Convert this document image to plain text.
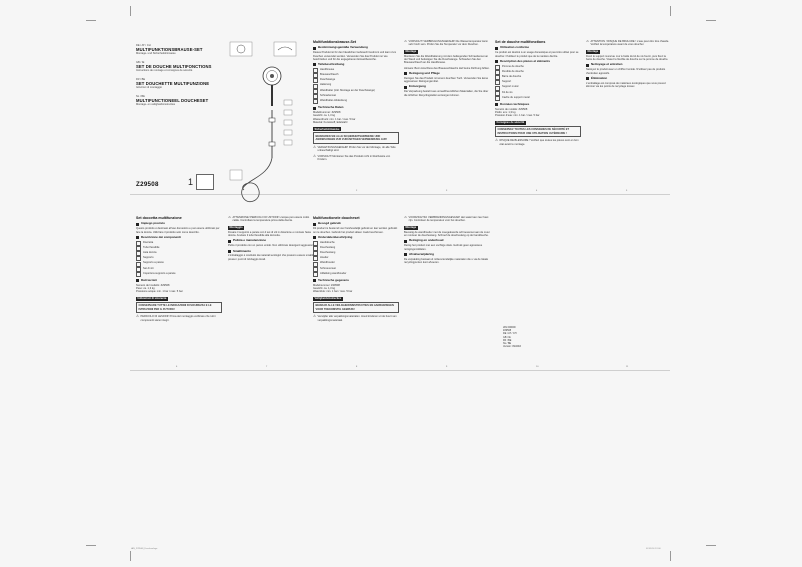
DE / AT / CH
MULTIFUNKTIONSBRAUSE-SET
Montage- und Sicherheitshinweise
GB / IE
SET DE DOUCHE MULTIFONCTIONS
Instructions de montage et consignes de sécurité
FR / BE
SET DOUCHETTE MULTIFUNZIONE
Istruzioni di montaggio
NL / BE
MULTIFUNCTIONEEL DOUCHESET
Montage- en veiligheidsinstructies
Z29508	1
Multifunktionsbrause-Set
Bestimmungsgemäße Verwendung
Dieses Produkt ist für den häuslichen Gebrauch bestimmt und kann zum Duschen verwendet werden. Verwenden Sie das Produkt nur wie beschrieben und für die angegebenen Einsatzbereiche.
Teilebeschreibung
Handbrause
Brauseschlauch
Duschstange
Halterung
Wandhalter (inkl. Montage an der Duschstange)
Schraubenset
Wandhalter-Abdeckung
Technische Daten
Modellnummer: Z29508
Gewicht: ca. 1,3 kg
Wasserdruck: min. 1 bar / max. 5 bar
Material: Kunststoff, Edelstahl
Sicherheitshinweise
BEWAHREN SIE ALLE SICHERHEITSHINWEISE UND ANWEISUNGEN ZUR ZUKÜNFTIGEN VERWENDUNG AUF!
⚠ VERLETZUNGSGEFAHR! Prüfen Sie vor der Montage, ob alle Teile unbeschädigt sind.
⚠ VORSICHT! Montieren Sie das Produkt nicht in Reichweite von Kindern.
⚠ VORSICHT! VERBRÜHUNGSGEFAHR! Die Wassertemperatur kann sehr hoch sein. Prüfen Sie die Temperatur vor dem Duschen.
Montage
Montieren Sie die Wandhalterung mit dem beiliegenden Schraubenset an der Wand und befestigen Sie die Duschstange. Schrauben Sie den Brauseschlauch an die Handbrause.
Hinweis: Beim Anschluss des Brauseschlauchs darf keine Dichtung fehlen.
Reinigung und Pflege
Reinigen Sie das Produkt mit einem feuchten Tuch. Verwenden Sie keine aggressiven Reinigungsmittel.
Entsorgung
Die Verpackung besteht aus umweltfreundlichen Materialien, die Sie über die örtlichen Recyclingstellen entsorgen können.
Set de douche multifonctions
Utilisation conforme
Ce produit est destiné à un usage domestique et peut être utilisé pour se doucher. N'utilisez le produit que de la manière décrite.
Description des pièces et éléments
Pomme de douche
Flexible de douche
Barre de douche
Support
Support mural
Kit de vis
Cache du support mural
Données techniques
Numéro de modèle: Z29508
Poids: env. 1,3 kg
Pression d'eau: min. 1 bar / max. 5 bar
Consignes de sécurité
CONSERVEZ TOUTES LES CONSIGNES DE SÉCURITÉ ET INSTRUCTIONS POUR UNE UTILISATION ULTÉRIEURE !
⚠ RISQUE DE BLESSURE ! Vérifiez que toutes les pièces sont en bon état avant le montage.
⚠ ATTENTION ! RISQUE DE BRÛLURE ! L'eau peut être très chaude. Vérifiez la température avant de vous doucher.
Montage
Fixez le support mural au mur à l'aide du kit de vis fourni, puis fixez la barre de douche. Vissez le flexible de douche sur la pomme de douche.
Nettoyage et entretien
Nettoyez le produit avec un chiffon humide. N'utilisez pas de produits d'entretien agressifs.
Élimination
L'emballage est composé de matériaux écologiques que vous pouvez éliminer via les points de recyclage locaux.
Set doccetta multifunzione
Impiego previsto
Questo prodotto è destinato all'uso domestico e può essere utilizzato per fare la doccia. Utilizzare il prodotto solo come descritto.
Descrizione dei componenti
Doccetta
Tubo flessibile
Asta doccia
Supporto
Supporto a parete
Set di viti
Copertura supporto a parete
Dati tecnici
Numero del modello: Z29508
Peso: ca. 1,3 kg
Pressione acqua: min. 1 bar / max. 5 bar
Indicazioni di sicurezza
CONSERVARE TUTTE LE INDICAZIONI DI SICUREZZA E LE ISTRUZIONI PER IL FUTURO!
⚠ PERICOLO DI LESIONI! Prima del montaggio verificare che tutti i componenti siano integri.
⚠ ATTENZIONE! PERICOLO DI USTIONI! L'acqua può essere molto calda. Controllare la temperatura prima della doccia.
Montaggio
Fissare il supporto a parete con il set di viti in dotazione e montare l'asta doccia. Avvitare il tubo flessibile alla doccetta.
Pulizia e manutenzione
Pulire il prodotto con un panno umido. Non utilizzare detergenti aggressivi.
Smaltimento
L'imballaggio è costituito da materiali ecologici che possono essere smaltiti presso i punti di riciclaggio locali.
Multifunctionele doucheset
Beoogd gebruik
Dit product is bestemd voor huishoudelijk gebruik en kan worden gebruikt om te douchen. Gebruik het product alleen zoals beschreven.
Onderdelenbeschrijving
Handdouche
Doucheslang
Douchestang
Houder
Wandhouder
Schroevenset
Afdekking wandhouder
Technische gegevens
Modelnummer: Z29508
Gewicht: ca. 1,3 kg
Waterdruk: min. 1 bar / max. 5 bar
Veiligheidsinstructies
BEWAAR ALLE VEILIGHEIDSINSTRUCTIES EN AANWIJZINGEN VOOR TOEKOMSTIG GEBRUIK!
⚠ Verwijder alle verpakkingsmaterialen. Houd kinderen uit de buurt van verpakkingsmateriaal.
⚠ VOORZICHTIG! VERBRANDINGSGEVAAR! Het water kan zeer heet zijn. Controleer de temperatuur voor het douchen.
Montage
Bevestig de wandhouder met de meegeleverde schroevenset aan de muur en monteer de douchestang. Schroef de doucheslang op de handdouche.
Reiniging en onderhoud
Reinig het product met een vochtige doek. Gebruik geen agressieve reinigingsmiddelen.
Afvalverwijdering
De verpakking bestaat uit milieuvriendelijke materialen die u via de lokale recyclingpunten kunt afvoeren.
IAN 000000
Z29508
DE / AT / CH
GB / IE
FR / BE
NL / BE
Version: 09/2016
2	3	4	5
6	7	8	9	10	11
IAN_Z29508_Druckvorlage	02.09.16 12:00
